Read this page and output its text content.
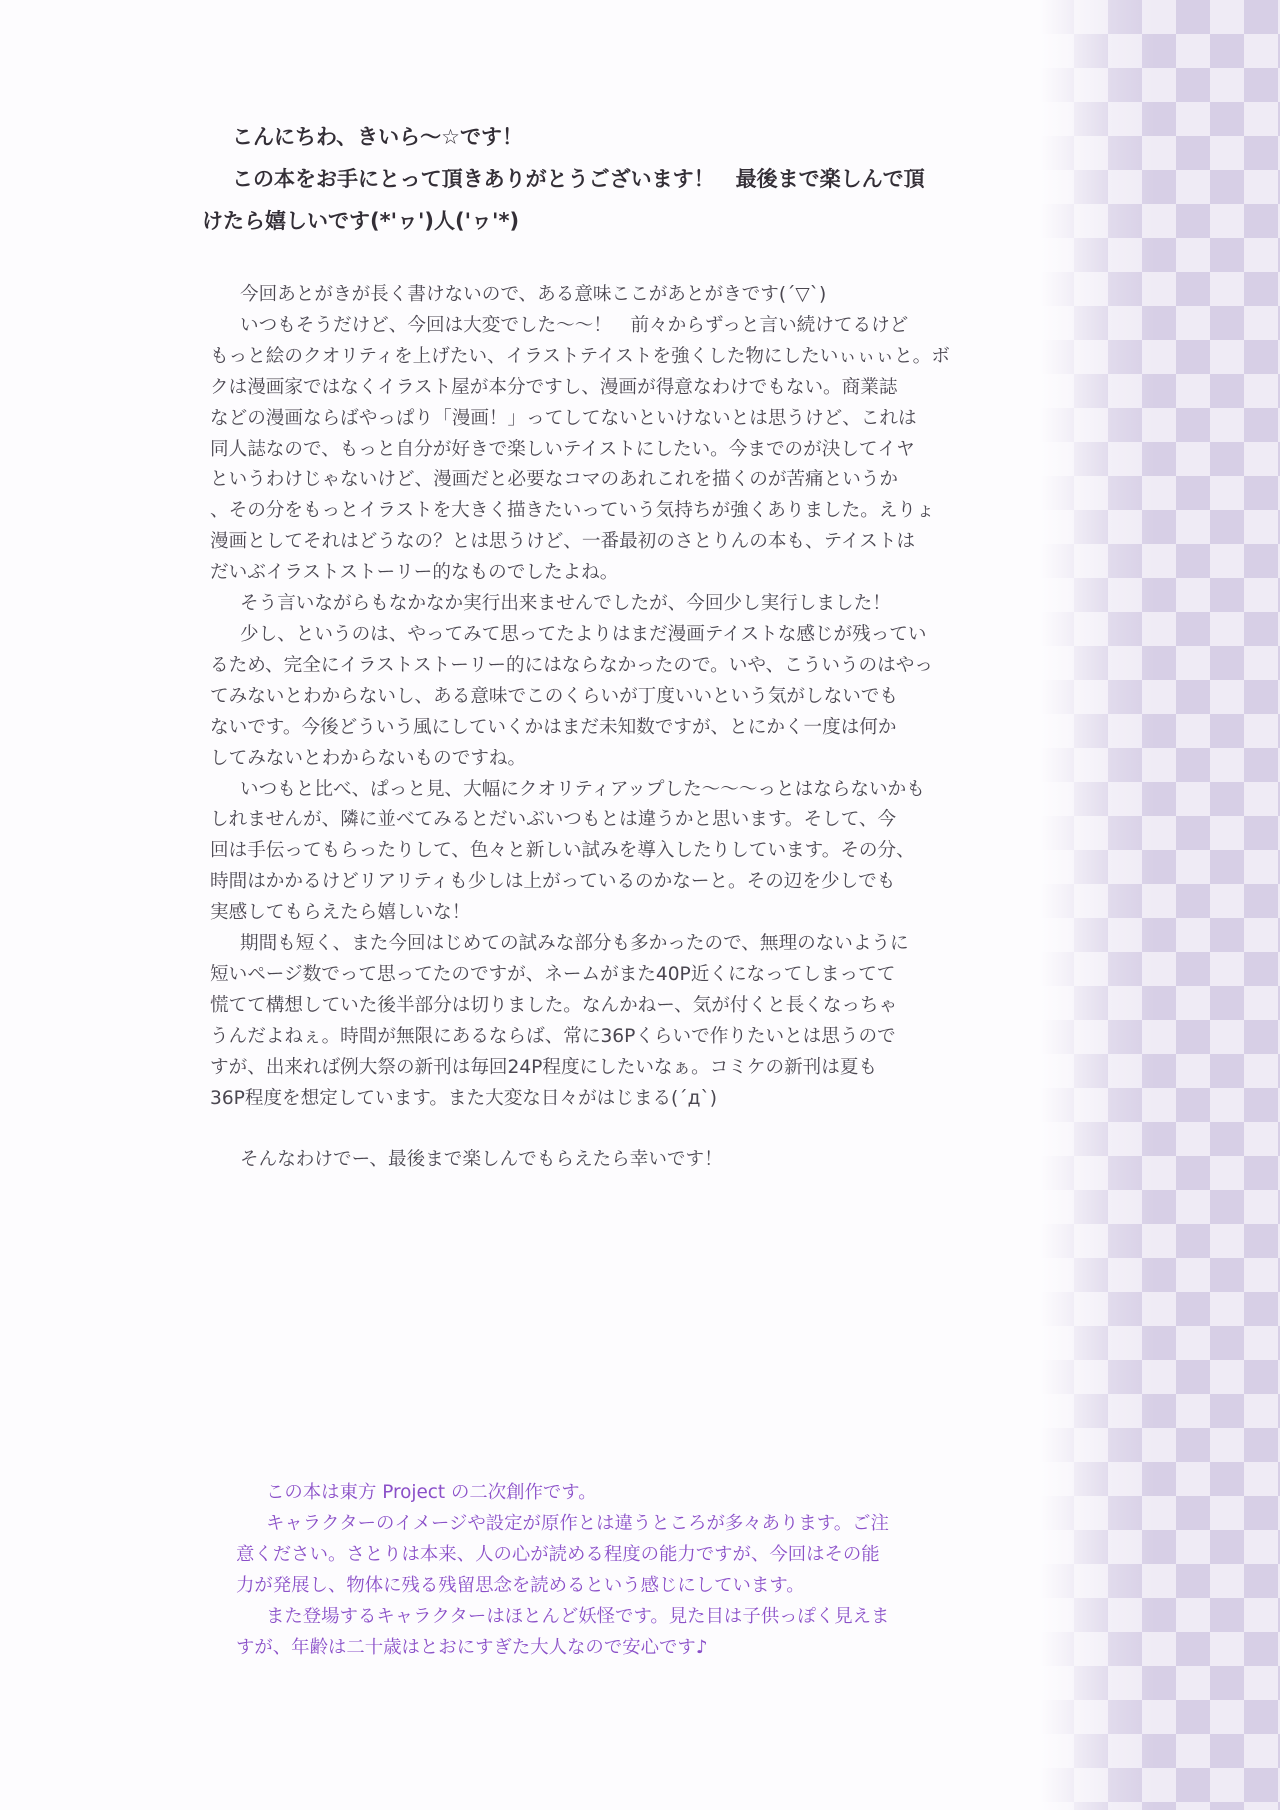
こんにちわ、きいら～☆です！

この本をお手にとって頂きありがとうございます！　最後まで楽しんで頂

けたら嬉しいです(*'ヮ')人('ヮ'*)

今回あとがきが長く書けないので、ある意味ここがあとがきです(´▽`)

いつもそうだけど、今回は大変でした～～！　前々からずっと言い続けてるけど

もっと絵のクオリティを上げたい、イラストテイストを強くした物にしたいぃぃぃと。ボ

クは漫画家ではなくイラスト屋が本分ですし、漫画が得意なわけでもない。商業誌

などの漫画ならばやっぱり「漫画！」ってしてないといけないとは思うけど、これは

同人誌なので、もっと自分が好きで楽しいテイストにしたい。今までのが決してイヤ

というわけじゃないけど、漫画だと必要なコマのあれこれを描くのが苦痛というか

、その分をもっとイラストを大きく描きたいっていう気持ちが強くありました。えりょ

漫画としてそれはどうなの？とは思うけど、一番最初のさとりんの本も、テイストは

だいぶイラストストーリー的なものでしたよね。

そう言いながらもなかなか実行出来ませんでしたが、今回少し実行しました！

少し、というのは、やってみて思ってたよりはまだ漫画テイストな感じが残ってい

るため、完全にイラストストーリー的にはならなかったので。いや、こういうのはやっ

てみないとわからないし、ある意味でこのくらいが丁度いいという気がしないでも

ないです。今後どういう風にしていくかはまだ未知数ですが、とにかく一度は何か

してみないとわからないものですね。

いつもと比べ、ぱっと見、大幅にクオリティアップした～～～っとはならないかも

しれませんが、隣に並べてみるとだいぶいつもとは違うかと思います。そして、今

回は手伝ってもらったりして、色々と新しい試みを導入したりしています。その分、

時間はかかるけどリアリティも少しは上がっているのかなーと。その辺を少しでも

実感してもらえたら嬉しいな！

期間も短く、また今回はじめての試みな部分も多かったので、無理のないように

短いページ数でって思ってたのですが、ネームがまた40P近くになってしまってて

慌てて構想していた後半部分は切りました。なんかねー、気が付くと長くなっちゃ

うんだよねぇ。時間が無限にあるならば、常に36Pくらいで作りたいとは思うので

すが、出来れば例大祭の新刊は毎回24P程度にしたいなぁ。コミケの新刊は夏も

36P程度を想定しています。また大変な日々がはじまる(´д`)

そんなわけでー、最後まで楽しんでもらえたら幸いです！

この本は東方 Project の二次創作です。

キャラクターのイメージや設定が原作とは違うところが多々あります。ご注

意ください。さとりは本来、人の心が読める程度の能力ですが、今回はその能

力が発展し、物体に残る残留思念を読めるという感じにしています。

また登場するキャラクターはほとんど妖怪です。見た目は子供っぽく見えま

すが、年齢は二十歳はとおにすぎた大人なので安心です♪
